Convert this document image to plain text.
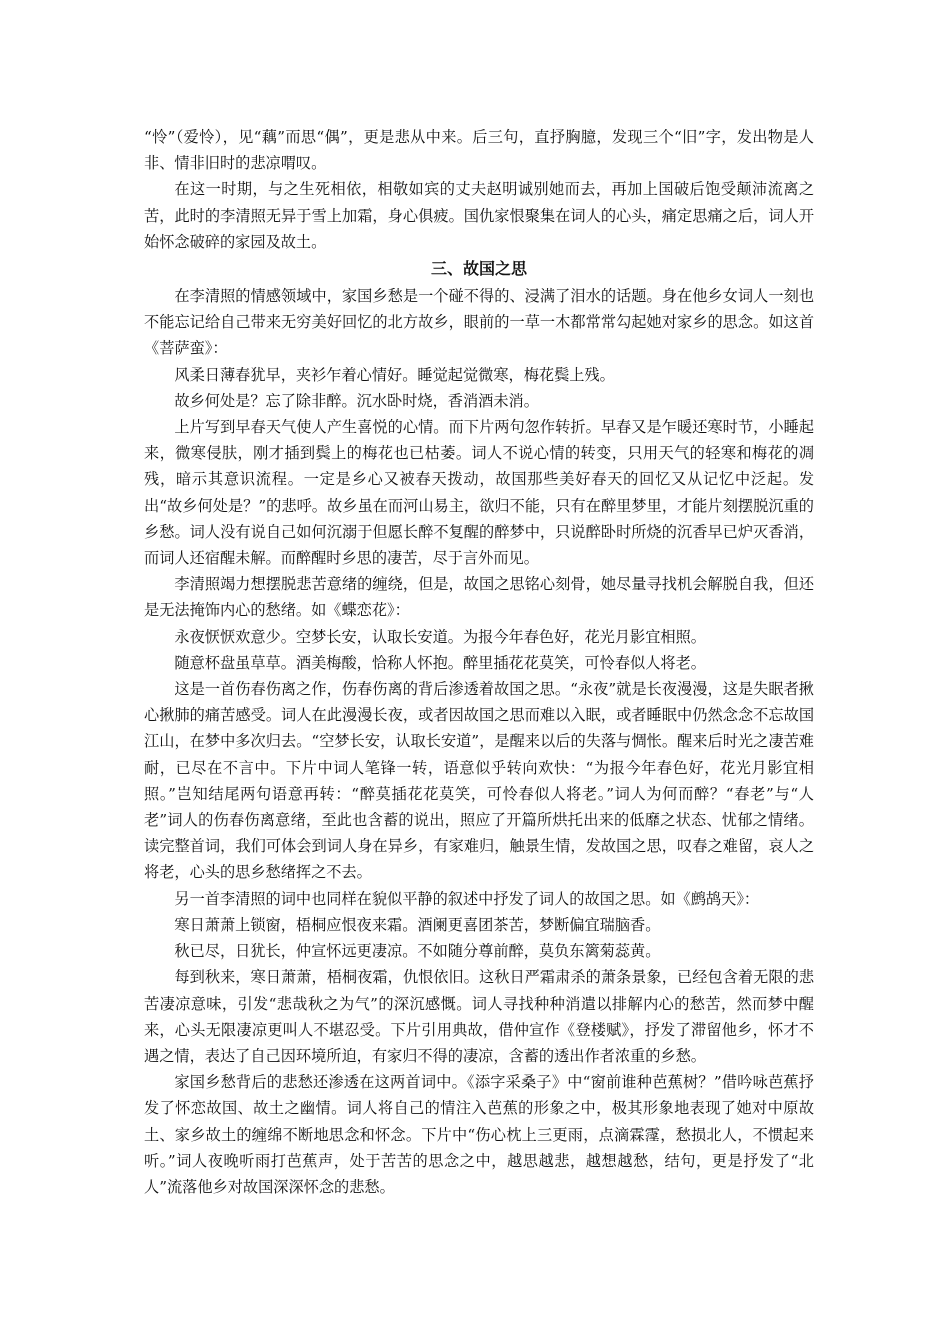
“怜”（爱怜），见“藕”而思“偶”，更是悲从中来。后三句，直抒胸臆，发现三个“旧”字，发出物是人非、情非旧时的悲凉喟叹。

在这一时期，与之生死相依，相敬如宾的丈夫赵明诚别她而去，再加上国破后饱受颠沛流离之苦，此时的李清照无异于雪上加霜，身心俱疲。国仇家恨聚集在词人的心头，痛定思痛之后，词人开始怀念破碎的家园及故土。

三、故国之思

在李清照的情感领域中，家国乡愁是一个碰不得的、浸满了泪水的话题。身在他乡女词人一刻也不能忘记给自己带来无穷美好回忆的北方故乡，眼前的一草一木都常常勾起她对家乡的思念。如这首《菩萨蛮》：

风柔日薄春犹早，夹衫乍着心情好。睡觉起觉微寒，梅花鬓上残。

故乡何处是？忘了除非醉。沉水卧时烧，香消酒未消。

上片写到早春天气使人产生喜悦的心情。而下片两句忽作转折。早春又是乍暖还寒时节，小睡起来，微寒侵肤，刚才插到鬓上的梅花也已枯萎。词人不说心情的转变，只用天气的轻寒和梅花的凋残，暗示其意识流程。一定是乡心又被春天拨动，故国那些美好春天的回忆又从记忆中泛起。发出“故乡何处是？”的悲呼。故乡虽在而河山易主，欲归不能，只有在醉里梦里，才能片刻摆脱沉重的乡愁。词人没有说自己如何沉溺于但愿长醉不复醒的醉梦中，只说醉卧时所烧的沉香早已炉灭香消，而词人还宿醒未解。而醉醒时乡思的凄苦，尽于言外而见。

李清照竭力想摆脱悲苦意绪的缠绕，但是，故国之思铭心刻骨，她尽量寻找机会解脱自我，但还是无法掩饰内心的愁绪。如《蝶恋花》：

永夜恹恹欢意少。空梦长安，认取长安道。为报今年春色好，花光月影宜相照。

随意杯盘虽草草。酒美梅酸，恰称人怀抱。醉里插花花莫笑，可怜春似人将老。

这是一首伤春伤离之作，伤春伤离的背后渗透着故国之思。“永夜”就是长夜漫漫，这是失眠者揪心揪肺的痛苦感受。词人在此漫漫长夜，或者因故国之思而难以入眠，或者睡眠中仍然念念不忘故国江山，在梦中多次归去。“空梦长安，认取长安道”，是醒来以后的失落与惆怅。醒来后时光之凄苦难耐，已尽在不言中。下片中词人笔锋一转，语意似乎转向欢快：“为报今年春色好，花光月影宜相照。”岂知结尾两句语意再转：“醉莫插花花莫笑，可怜春似人将老。”词人为何而醉？“春老”与“人老”词人的伤春伤离意绪，至此也含蓄的说出，照应了开篇所烘托出来的低靡之状态、忧郁之情绪。读完整首词，我们可体会到词人身在异乡，有家难归，触景生情，发故国之思，叹春之难留，哀人之将老，心头的思乡愁绪挥之不去。

另一首李清照的词中也同样在貌似平静的叙述中抒发了词人的故国之思。如《鹧鸪天》：

寒日萧萧上锁窗，梧桐应恨夜来霜。酒阑更喜团茶苦，梦断偏宜瑞脑香。

秋已尽，日犹长，仲宣怀远更凄凉。不如随分尊前醉，莫负东篱菊蕊黄。

每到秋来，寒日萧萧，梧桐夜霜，仇恨依旧。这秋日严霜肃杀的萧条景象，已经包含着无限的悲苦凄凉意味，引发“悲哉秋之为气”的深沉感慨。词人寻找种种消遣以排解内心的愁苦，然而梦中醒来，心头无限凄凉更叫人不堪忍受。下片引用典故，借仲宣作《登楼赋》，抒发了滞留他乡，怀才不遇之情，表达了自己因环境所迫，有家归不得的凄凉，含蓄的透出作者浓重的乡愁。

家国乡愁背后的悲愁还渗透在这两首词中。《添字采桑子》中“窗前谁种芭蕉树？”借吟咏芭蕉抒发了怀恋故国、故土之幽情。词人将自己的情注入芭蕉的形象之中，极其形象地表现了她对中原故土、家乡故土的缠绵不断地思念和怀念。下片中“伤心枕上三更雨，点滴霖霪，愁损北人，不惯起来听。”词人夜晚听雨打芭蕉声，处于苦苦的思念之中，越思越悲，越想越愁，结句，更是抒发了“北人”流落他乡对故国深深怀念的悲愁。
